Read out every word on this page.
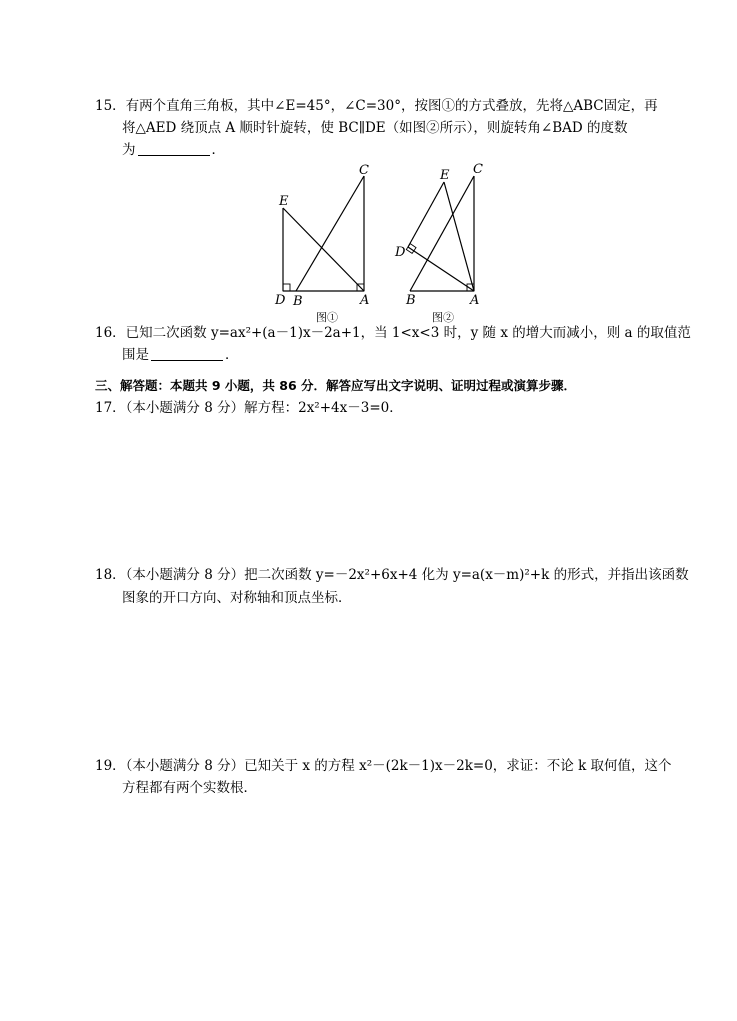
15．有两个直角三角板，其中∠E=45°，∠C=30°，按图①的方式叠放，先将△ABC固定，再
将△AED 绕顶点 A 顺时针旋转，使 BC∥DE（如图②所示），则旋转角∠BAD 的度数
为	．
E
C
D B	A
图①
E C
D
B	A
图②
16．已知二次函数 y=ax²+(a－1)x－2a+1，当 1<x<3 时，y 随 x 的增大而减小，则 a 的取值范
围是	．
三、解答题：本题共 9 小题，共 86 分．解答应写出文字说明、证明过程或演算步骤．
17．（本小题满分 8 分）解方程：2x²+4x－3=0．
18．（本小题满分 8 分）把二次函数 y=－2x²+6x+4 化为 y=a(x－m)²+k 的形式，并指出该函数
图象的开口方向、对称轴和顶点坐标．
19．（本小题满分 8 分）已知关于 x 的方程 x²－(2k－1)x－2k=0，求证：不论 k 取何值，这个
方程都有两个实数根．
